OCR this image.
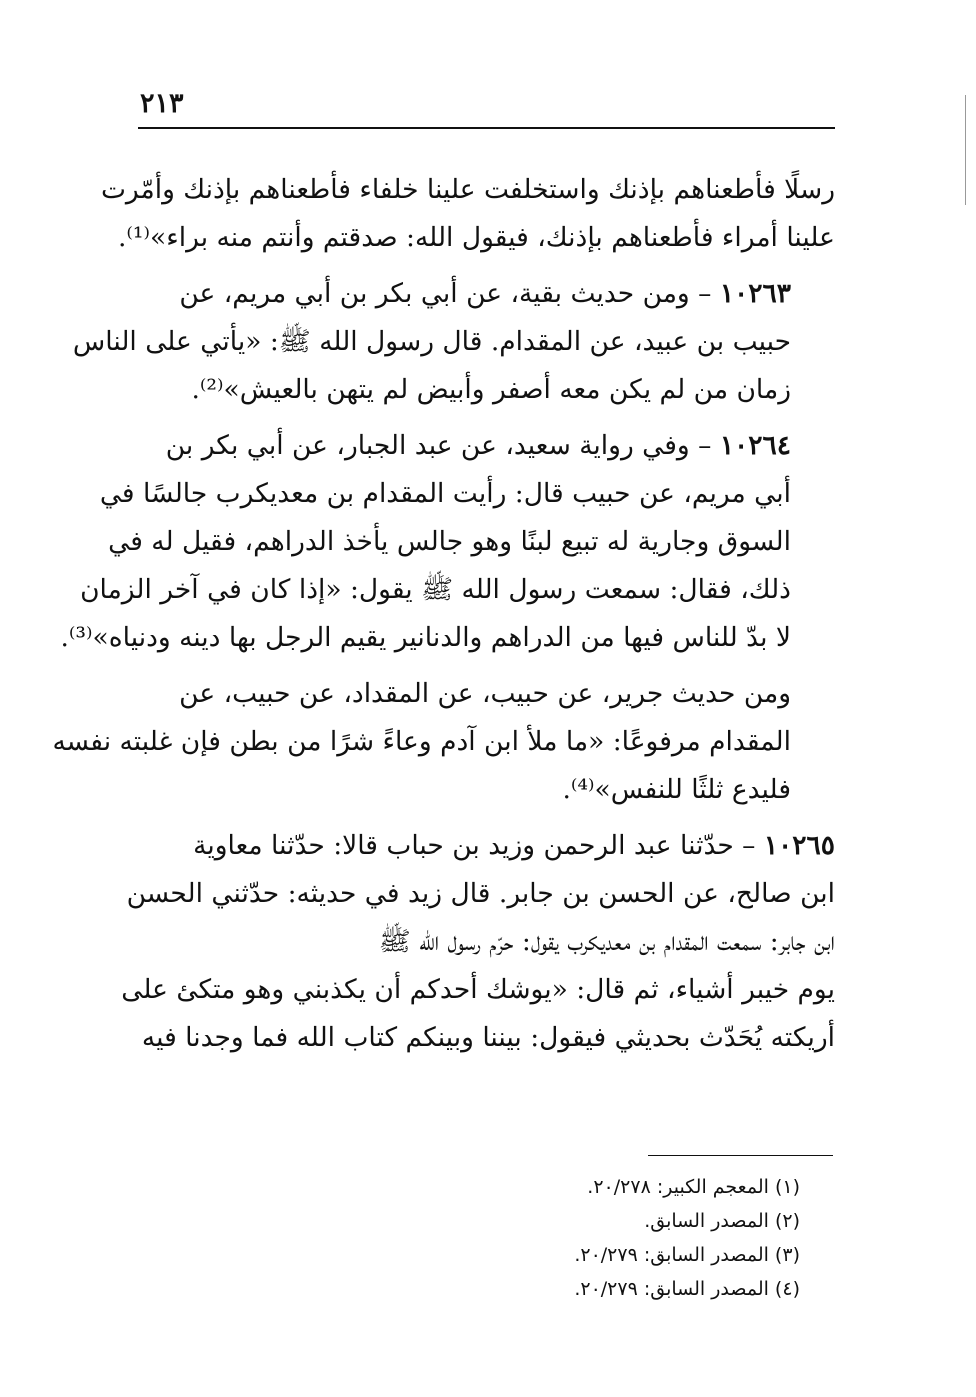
٢١٣

رسلًا فأطعناهم بإذنك واستخلفت علينا خلفاء فأطعناهم بإذنك وأمّرت
علينا أمراء فأطعناهم بإذنك، فيقول الله: صدقتم وأنتم منه براء»⁽¹⁾.

١٠٢٦٣ – ومن حديث بقية، عن أبي بكر بن أبي مريم، عن
حبيب بن عبيد، عن المقدام. قال رسول الله ﷺ: «يأتي على الناس
زمان من لم يكن معه أصفر وأبيض لم يتهن بالعيش»⁽²⁾.

١٠٢٦٤ – وفي رواية سعيد، عن عبد الجبار، عن أبي بكر بن
أبي مريم، عن حبيب قال: رأيت المقدام بن معديكرب جالسًا في
السوق وجارية له تبيع لبنًا وهو جالس يأخذ الدراهم، فقيل له في
ذلك، فقال: سمعت رسول الله ﷺ يقول: «إذا كان في آخر الزمان
لا بدّ للناس فيها من الدراهم والدنانير يقيم الرجل بها دينه ودنياه»⁽³⁾.

ومن حديث جرير، عن حبيب، عن المقداد، عن حبيب، عن
المقدام مرفوعًا: «ما ملأ ابن آدم وعاءً شرًا من بطن فإن غلبته نفسه
فليدع ثلثًا للنفس»⁽⁴⁾.

١٠٢٦٥ – حدّثنا عبد الرحمن وزيد بن حباب قالا: حدّثنا معاوية
ابن صالح، عن الحسن بن جابر. قال زيد في حديثه: حدّثني الحسن
ابن جابر: سمعت المقدام بن معديكرب يقول: حرّم رسول الله ﷺ
يوم خيبر أشياء، ثم قال: «يوشك أحدكم أن يكذبني وهو متكئ على
أريكته يُحَدّث بحديثي فيقول: بيننا وبينكم كتاب الله فما وجدنا فيه

(١) المعجم الكبير: ٢٠/٢٧٨.
(٢) المصدر السابق.
(٣) المصدر السابق: ٢٠/٢٧٩.
(٤) المصدر السابق: ٢٠/٢٧٩.
